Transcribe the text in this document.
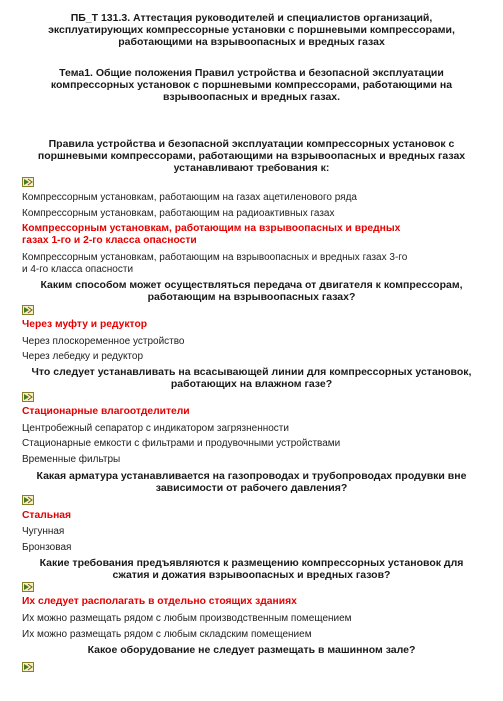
ПБ_Т 131.3. Аттестация руководителей и специалистов организаций,
эксплуатирующих компрессорные установки с поршневыми компрессорами,
работающими на взрывоопасных и вредных газах
Тема1. Общие положения Правил устройства и безопасной эксплуатации
компрессорных установок с поршневыми компрессорами, работающими на
взрывоопасных и вредных газах.
Правила устройства и безопасной эксплуатации компрессорных установок с
поршневыми компрессорами, работающими на взрывоопасных и вредных газах
устанавливают требования к:
Компрессорным установкам, работающим на газах ацетиленового ряда
Компрессорным установкам, работающим на радиоактивных газах
Компрессорным установкам, работающим на взрывоопасных и вредных
газах 1-го и 2-го класса опасности
Компрессорным установкам, работающим на взрывоопасных и вредных газах 3-го
и 4-го класса опасности
Каким способом может осуществляться передача от двигателя к компрессорам,
работающим на взрывоопасных газах?
Через муфту и редуктор
Через плоскоременное устройство
Через лебедку и редуктор
Что следует устанавливать на всасывающей линии для компрессорных установок,
работающих на влажном газе?
Стационарные влагоотделители
Центробежный сепаратор с индикатором загрязненности
Стационарные емкости с фильтрами и продувочными устройствами
Временные фильтры
Какая арматура устанавливается на газопроводах и трубопроводах продувки вне
зависимости от рабочего давления?
Стальная
Чугунная
Бронзовая
Какие требования предъявляются к размещению компрессорных установок для
сжатия и дожатия взрывоопасных и вредных газов?
Их следует располагать в отдельно стоящих зданиях
Их можно размещать рядом с любым производственным помещением
Их можно размещать рядом с любым складским помещением
Какое оборудование не следует размещать в машинном зале?
